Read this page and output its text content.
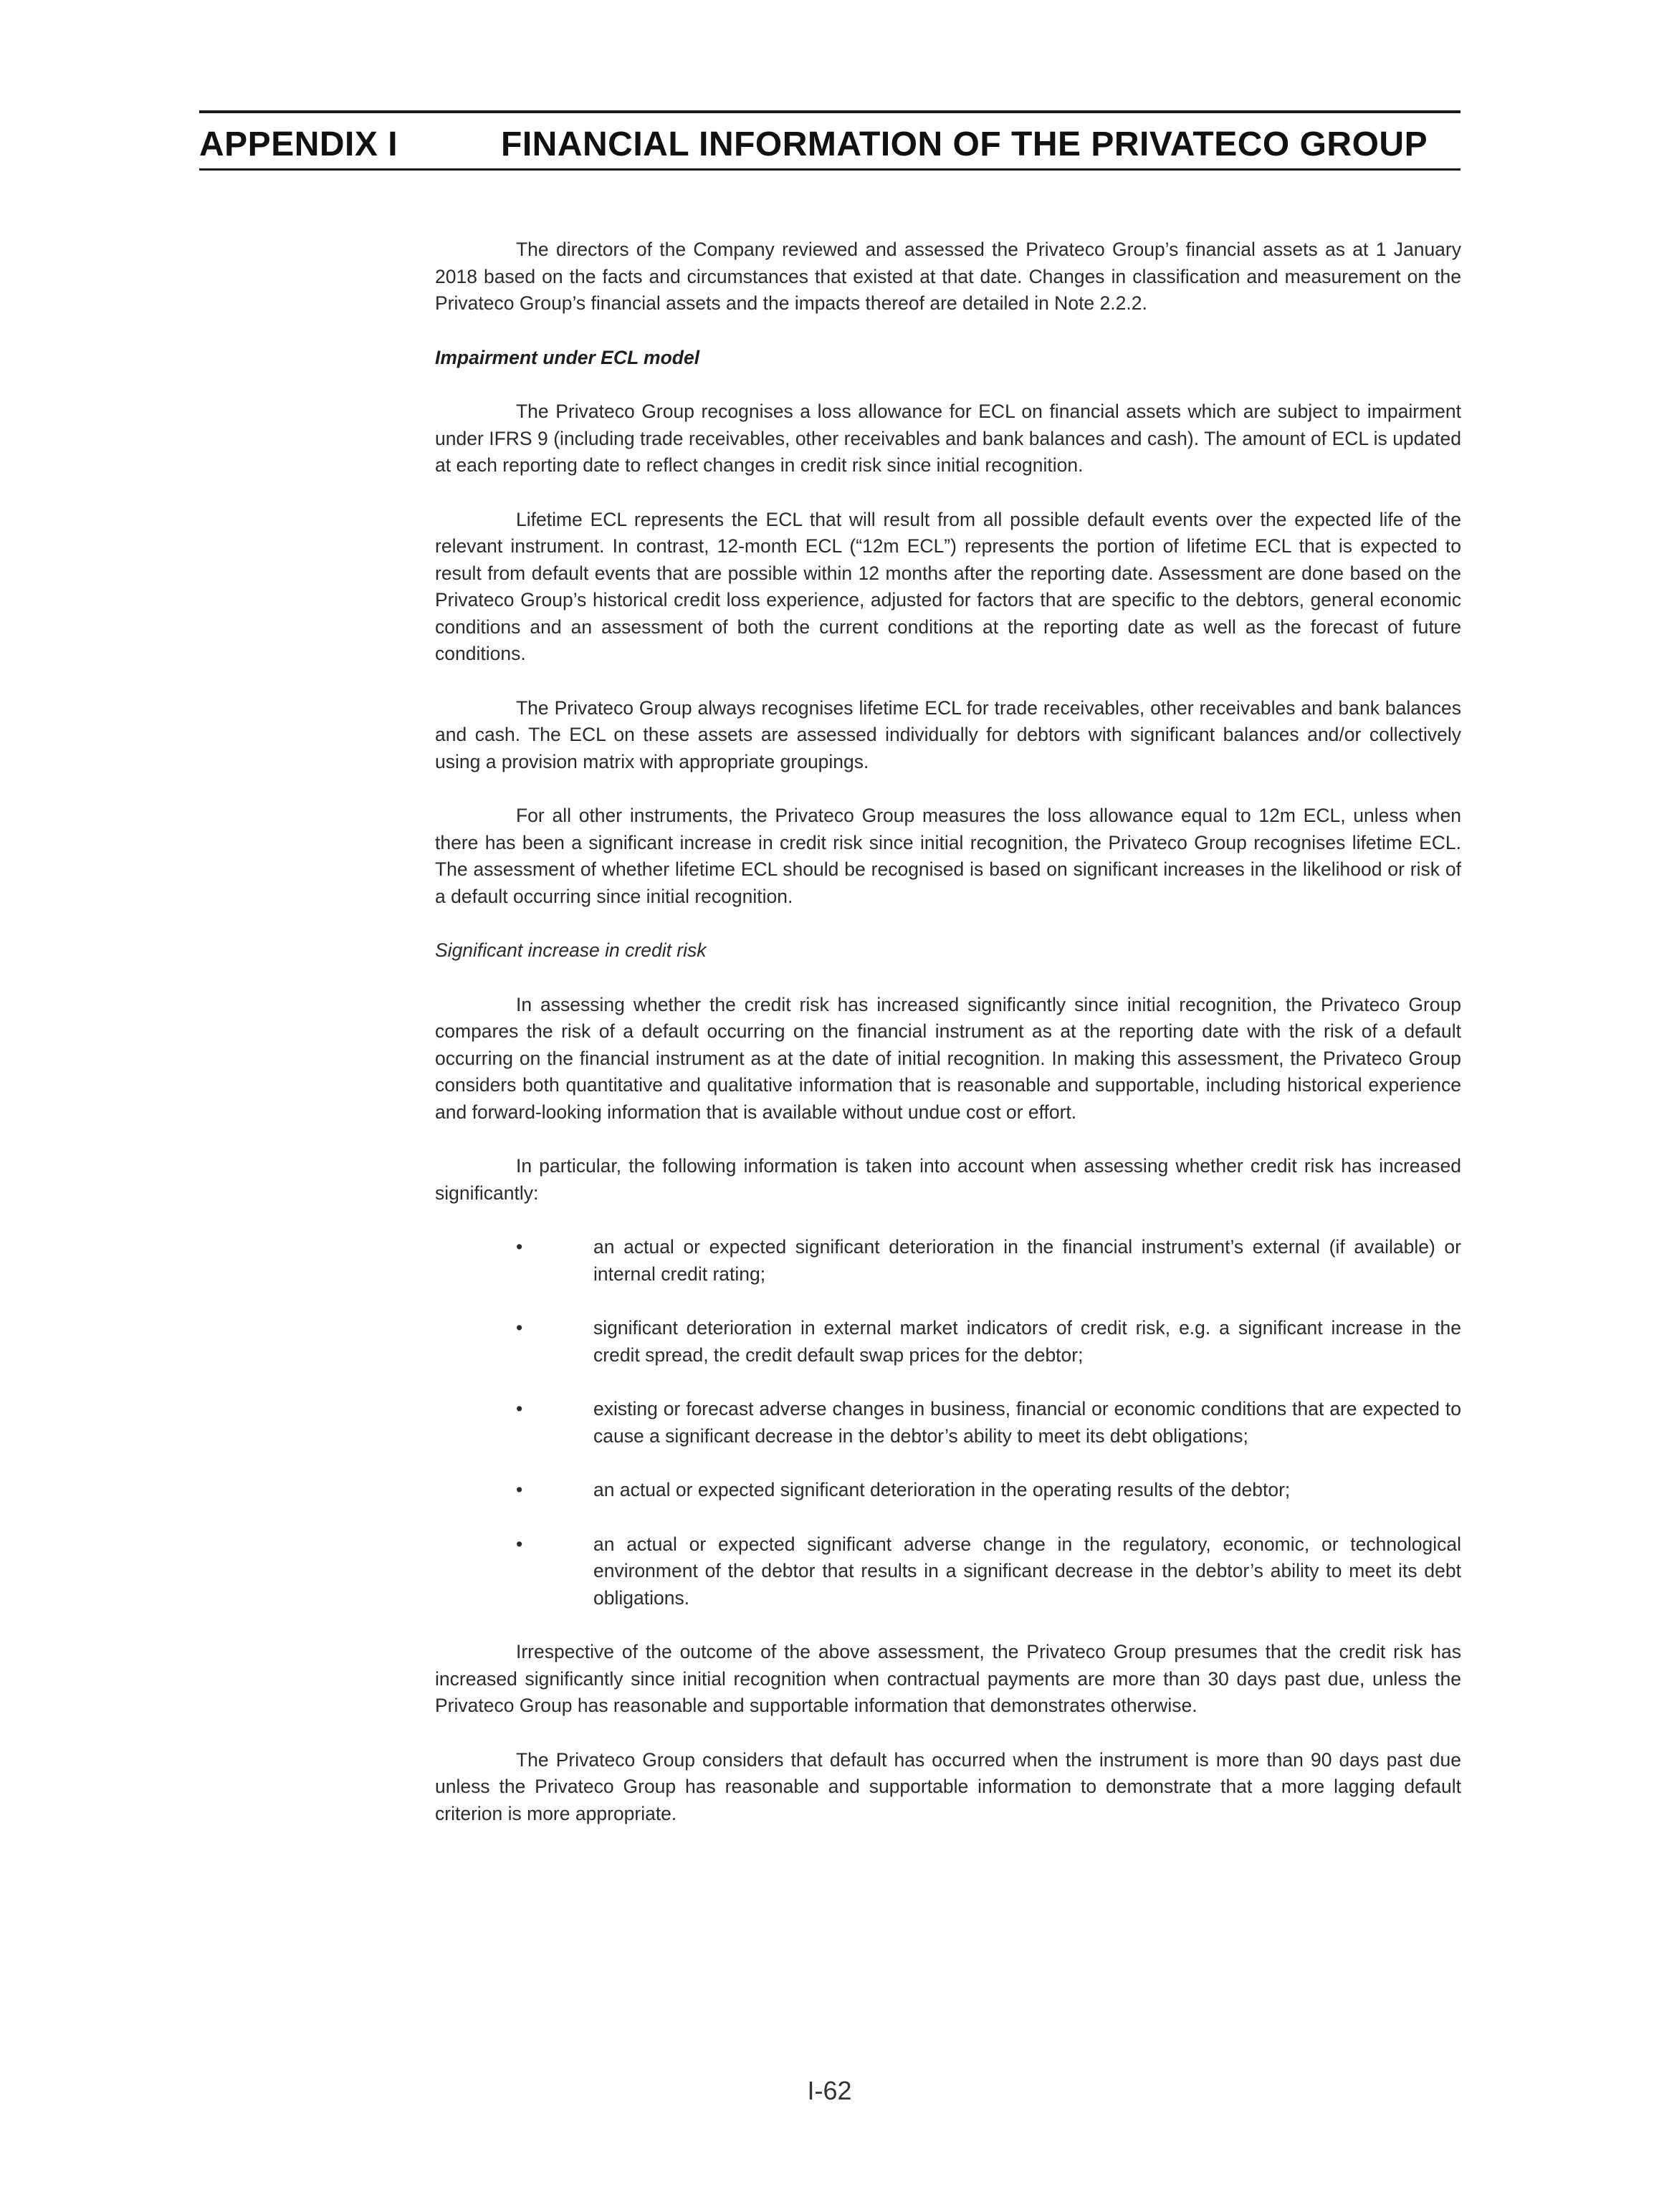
APPENDIX I	FINANCIAL INFORMATION OF THE PRIVATECO GROUP

The directors of the Company reviewed and assessed the Privateco Group’s financial assets as at 1 January 2018 based on the facts and circumstances that existed at that date. Changes in classification and measurement on the Privateco Group’s financial assets and the impacts thereof are detailed in Note 2.2.2.

Impairment under ECL model

The Privateco Group recognises a loss allowance for ECL on financial assets which are subject to impairment under IFRS 9 (including trade receivables, other receivables and bank balances and cash). The amount of ECL is updated at each reporting date to reflect changes in credit risk since initial recognition.

Lifetime ECL represents the ECL that will result from all possible default events over the expected life of the relevant instrument. In contrast, 12-month ECL (“12m ECL”) represents the portion of lifetime ECL that is expected to result from default events that are possible within 12 months after the reporting date. Assessment are done based on the Privateco Group’s historical credit loss experience, adjusted for factors that are specific to the debtors, general economic conditions and an assessment of both the current conditions at the reporting date as well as the forecast of future conditions.

The Privateco Group always recognises lifetime ECL for trade receivables, other receivables and bank balances and cash. The ECL on these assets are assessed individually for debtors with significant balances and/or collectively using a provision matrix with appropriate groupings.

For all other instruments, the Privateco Group measures the loss allowance equal to 12m ECL, unless when there has been a significant increase in credit risk since initial recognition, the Privateco Group recognises lifetime ECL. The assessment of whether lifetime ECL should be recognised is based on significant increases in the likelihood or risk of a default occurring since initial recognition.

Significant increase in credit risk

In assessing whether the credit risk has increased significantly since initial recognition, the Privateco Group compares the risk of a default occurring on the financial instrument as at the reporting date with the risk of a default occurring on the financial instrument as at the date of initial recognition. In making this assessment, the Privateco Group considers both quantitative and qualitative information that is reasonable and supportable, including historical experience and forward-looking information that is available without undue cost or effort.

In particular, the following information is taken into account when assessing whether credit risk has increased significantly:

•	an actual or expected significant deterioration in the financial instrument’s external (if available) or internal credit rating;
•	significant deterioration in external market indicators of credit risk, e.g. a significant increase in the credit spread, the credit default swap prices for the debtor;
•	existing or forecast adverse changes in business, financial or economic conditions that are expected to cause a significant decrease in the debtor’s ability to meet its debt obligations;
•	an actual or expected significant deterioration in the operating results of the debtor;
•	an actual or expected significant adverse change in the regulatory, economic, or technological environment of the debtor that results in a significant decrease in the debtor’s ability to meet its debt obligations.

Irrespective of the outcome of the above assessment, the Privateco Group presumes that the credit risk has increased significantly since initial recognition when contractual payments are more than 30 days past due, unless the Privateco Group has reasonable and supportable information that demonstrates otherwise.

The Privateco Group considers that default has occurred when the instrument is more than 90 days past due unless the Privateco Group has reasonable and supportable information to demonstrate that a more lagging default criterion is more appropriate.

I-62
